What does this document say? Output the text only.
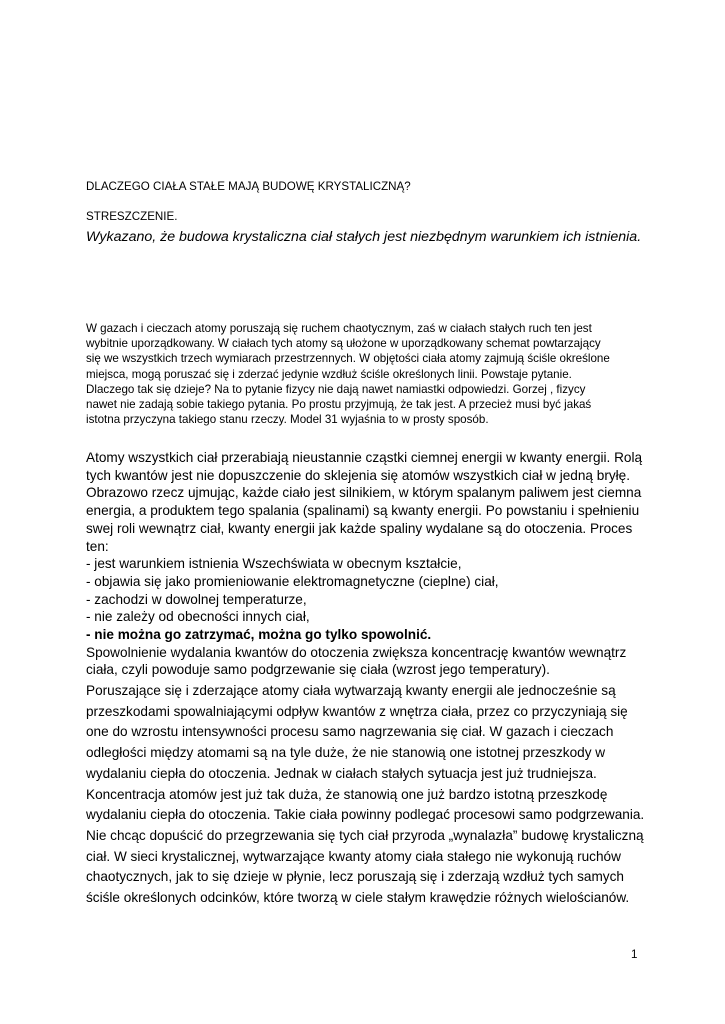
DLACZEGO CIAŁA STAŁE MAJĄ BUDOWĘ KRYSTALICZNĄ?
STRESZCZENIE.
Wykazano, że budowa krystaliczna ciał stałych jest niezbędnym warunkiem ich istnienia.
W gazach i cieczach atomy poruszają się ruchem chaotycznym, zaś w ciałach stałych ruch ten jest
wybitnie uporządkowany. W ciałach tych atomy są ułożone w uporządkowany schemat powtarzający
się we wszystkich trzech wymiarach przestrzennych. W objętości ciała atomy zajmują ściśle określone
miejsca, mogą poruszać się i zderzać jedynie wzdłuż ściśle określonych linii. Powstaje pytanie.
Dlaczego tak się dzieje? Na to pytanie fizycy nie dają nawet namiastki odpowiedzi. Gorzej , fizycy
nawet nie zadają sobie takiego pytania. Po prostu przyjmują, że tak jest. A przecież musi być jakaś
istotna przyczyna takiego stanu rzeczy. Model 31 wyjaśnia to w prosty sposób.
Atomy wszystkich ciał przerabiają nieustannie cząstki ciemnej energii w kwanty energii. Rolą
tych kwantów jest nie dopuszczenie do sklejenia się atomów wszystkich ciał w jedną bryłę.
Obrazowo rzecz ujmując, każde ciało jest silnikiem, w którym spalanym paliwem jest ciemna
energia, a produktem tego spalania (spalinami) są kwanty energii. Po powstaniu i spełnieniu
swej roli wewnątrz ciał, kwanty energii jak każde spaliny wydalane są do otoczenia. Proces
ten:
- jest warunkiem istnienia Wszechświata w obecnym kształcie,
- objawia się jako promieniowanie elektromagnetyczne (cieplne) ciał,
- zachodzi w dowolnej temperaturze,
- nie zależy od obecności innych ciał,
- nie można go zatrzymać, można go tylko spowolnić.
Spowolnienie wydalania kwantów do otoczenia zwiększa koncentrację kwantów wewnątrz
ciała, czyli powoduje samo podgrzewanie się ciała (wzrost jego temperatury).
Poruszające się i zderzające atomy ciała wytwarzają kwanty energii ale jednocześnie są
przeszkodami spowalniającymi odpływ kwantów z wnętrza ciała, przez co przyczyniają się
one do wzrostu intensywności procesu samo nagrzewania się ciał. W gazach i cieczach
odległości między atomami są na tyle duże, że nie stanowią one istotnej przeszkody w
wydalaniu ciepła do otoczenia. Jednak w ciałach stałych sytuacja jest już trudniejsza.
Koncentracja atomów jest już tak duża, że stanowią one już bardzo istotną przeszkodę
wydalaniu ciepła do otoczenia. Takie ciała powinny podlegać procesowi samo podgrzewania.
Nie chcąc dopuścić do przegrzewania się tych ciał przyroda „wynalazła” budowę krystaliczną
ciał. W sieci krystalicznej, wytwarzające kwanty atomy ciała stałego nie wykonują ruchów
chaotycznych, jak to się dzieje w płynie, lecz poruszają się i zderzają wzdłuż tych samych
ściśle określonych odcinków, które tworzą w ciele stałym krawędzie różnych wielościanów.
1
